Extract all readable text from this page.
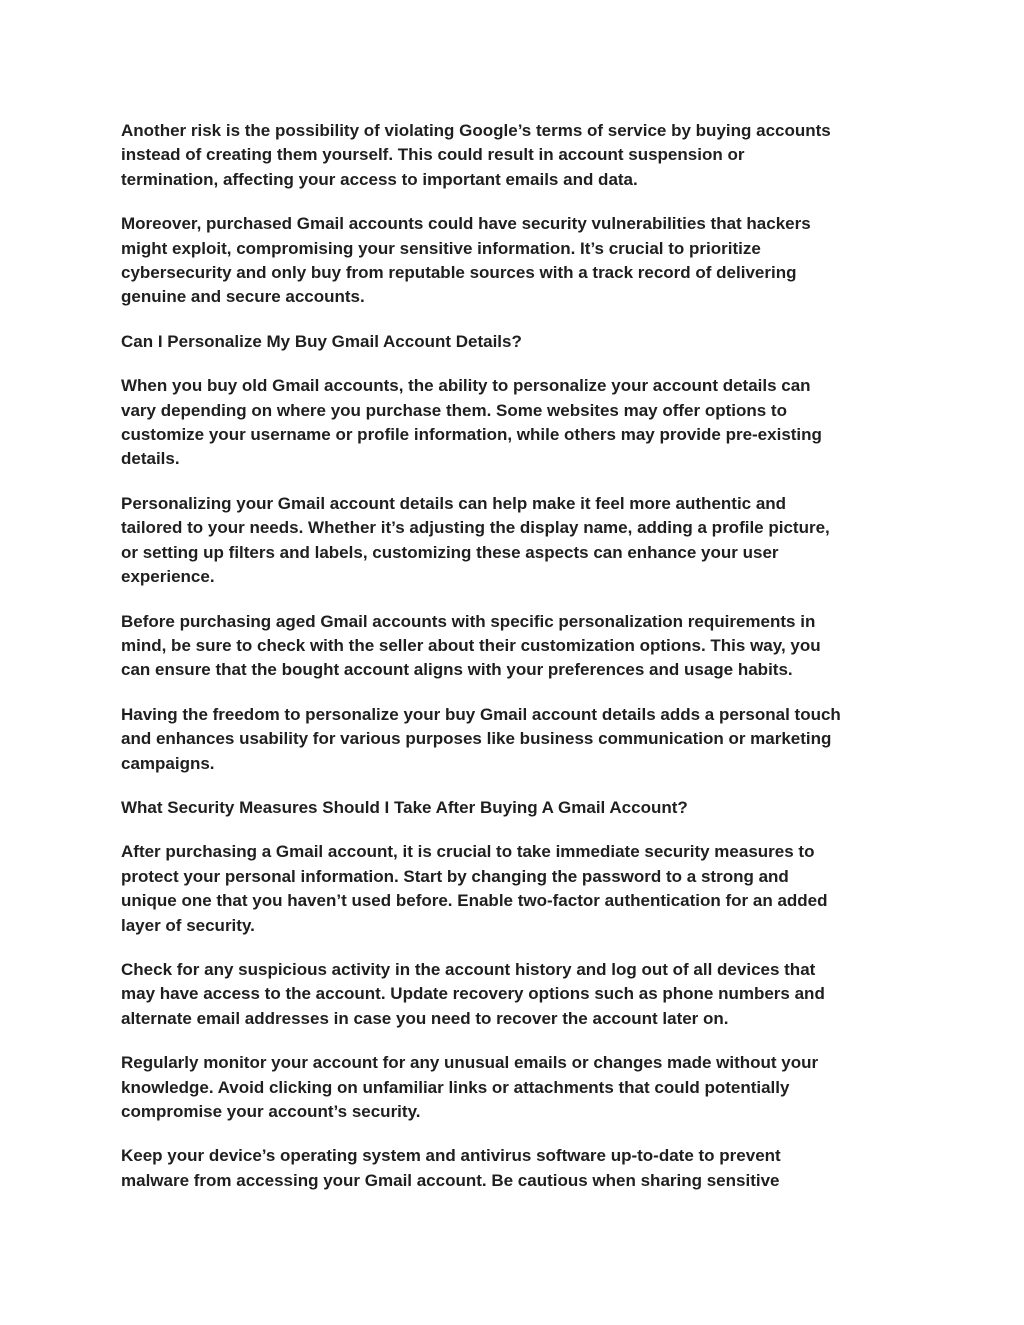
Another risk is the possibility of violating Google’s terms of service by buying accounts
instead of creating them yourself. This could result in account suspension or
termination, affecting your access to important emails and data.

Moreover, purchased Gmail accounts could have security vulnerabilities that hackers
might exploit, compromising your sensitive information. It’s crucial to prioritize
cybersecurity and only buy from reputable sources with a track record of delivering
genuine and secure accounts.

Can I Personalize My Buy Gmail Account Details?

When you buy old Gmail accounts, the ability to personalize your account details can
vary depending on where you purchase them. Some websites may offer options to
customize your username or profile information, while others may provide pre-existing
details.

Personalizing your Gmail account details can help make it feel more authentic and
tailored to your needs. Whether it’s adjusting the display name, adding a profile picture,
or setting up filters and labels, customizing these aspects can enhance your user
experience.

Before purchasing aged Gmail accounts with specific personalization requirements in
mind, be sure to check with the seller about their customization options. This way, you
can ensure that the bought account aligns with your preferences and usage habits.

Having the freedom to personalize your buy Gmail account details adds a personal touch
and enhances usability for various purposes like business communication or marketing
campaigns.

What Security Measures Should I Take After Buying A Gmail Account?

After purchasing a Gmail account, it is crucial to take immediate security measures to
protect your personal information. Start by changing the password to a strong and
unique one that you haven’t used before. Enable two-factor authentication for an added
layer of security.

Check for any suspicious activity in the account history and log out of all devices that
may have access to the account. Update recovery options such as phone numbers and
alternate email addresses in case you need to recover the account later on.

Regularly monitor your account for any unusual emails or changes made without your
knowledge. Avoid clicking on unfamiliar links or attachments that could potentially
compromise your account’s security.

Keep your device’s operating system and antivirus software up-to-date to prevent
malware from accessing your Gmail account. Be cautious when sharing sensitive
